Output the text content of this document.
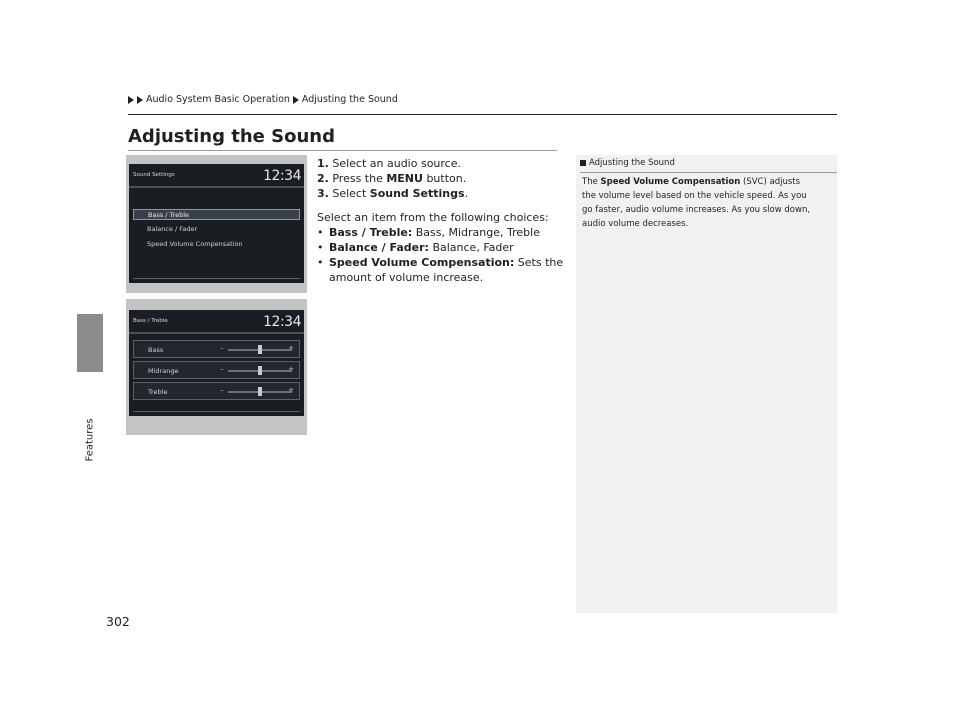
Features
Audio System Basic Operation Adjusting the Sound
Adjusting the Sound
Sound Settings	12:34
Bass / Treble
Balance / Fader
Speed Volume Compensation
Bass / Treble	12:34
Bass	–	+
Midrange	–	+
Treble	–	+

1. Select an audio source.

2. Press the MENU button.

3. Select Sound Settings.

Select an item from the following choices:

• Bass / Treble: Bass, Midrange, Treble

• Balance / Fader: Balance, Fader

• Speed Volume Compensation: Sets the

amount of volume increase.

Adjusting the Sound
The Speed Volume Compensation (SVC) adjusts
the volume level based on the vehicle speed. As you
go faster, audio volume increases. As you slow down,
audio volume decreases.
302
